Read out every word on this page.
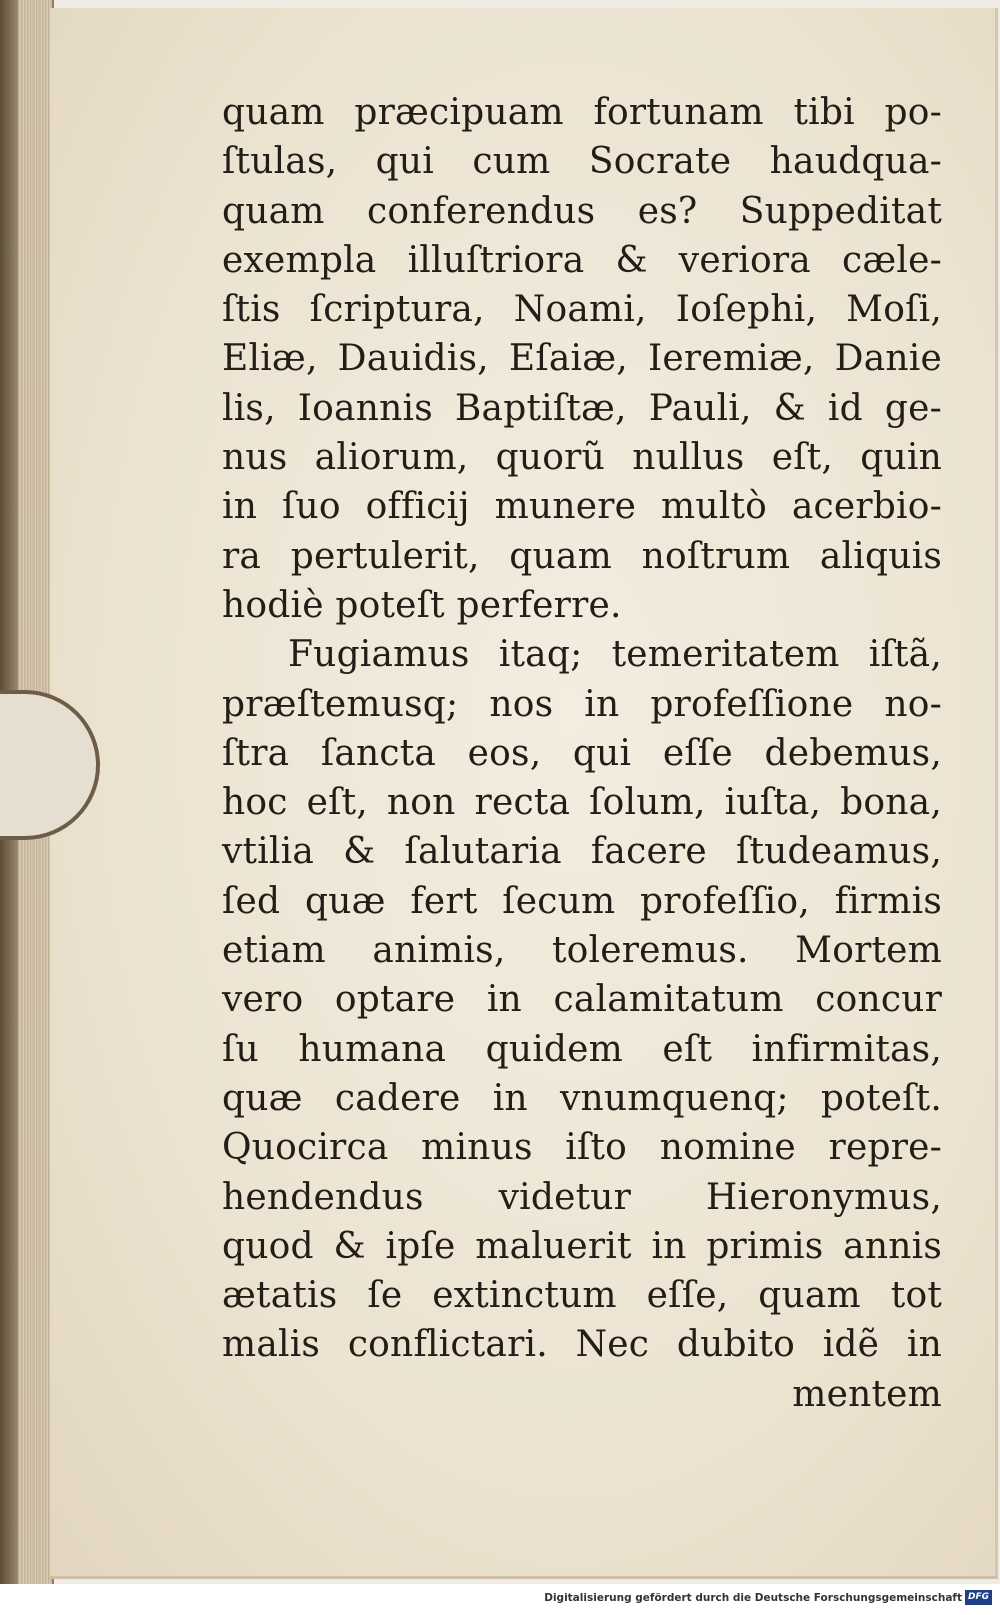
quam præcipuam fortunam tibi po-
ſtulas, qui cum Socrate haudqua-
quam conferendus es? Suppeditat
exempla illuſtriora & veriora cæle-
ſtis ſcriptura, Noami, Ioſephi, Moſi,
Eliæ, Dauidis, Eſaiæ, Ieremiæ, Danie
lis, Ioannis Baptiſtæ, Pauli, & id ge-
nus aliorum, quorũ nullus eſt, quin
in ſuo officij munere multò acerbio-
ra pertulerit, quam noſtrum aliquis
hodiè poteſt perferre.
Fugiamus itaq; temeritatem iſtã,
præſtemusq; nos in profeſſione no-
ſtra ſancta eos, qui eſſe debemus,
hoc eſt, non recta ſolum, iuſta, bona,
vtilia & ſalutaria facere ſtudeamus,
ſed quæ fert ſecum profeſſio, firmis
etiam animis, toleremus. Mortem
vero optare in calamitatum concur
ſu humana quidem eſt infirmitas,
quæ cadere in vnumquenq; poteſt.
Quocirca minus iſto nomine repre-
hendendus videtur Hieronymus,
quod & ipſe maluerit in primis annis
ætatis ſe extinctum eſſe, quam tot
malis conflictari. Nec dubito idẽ in
mentem
Digitalisierung gefördert durch die Deutsche Forschungsgemeinschaft DFG
